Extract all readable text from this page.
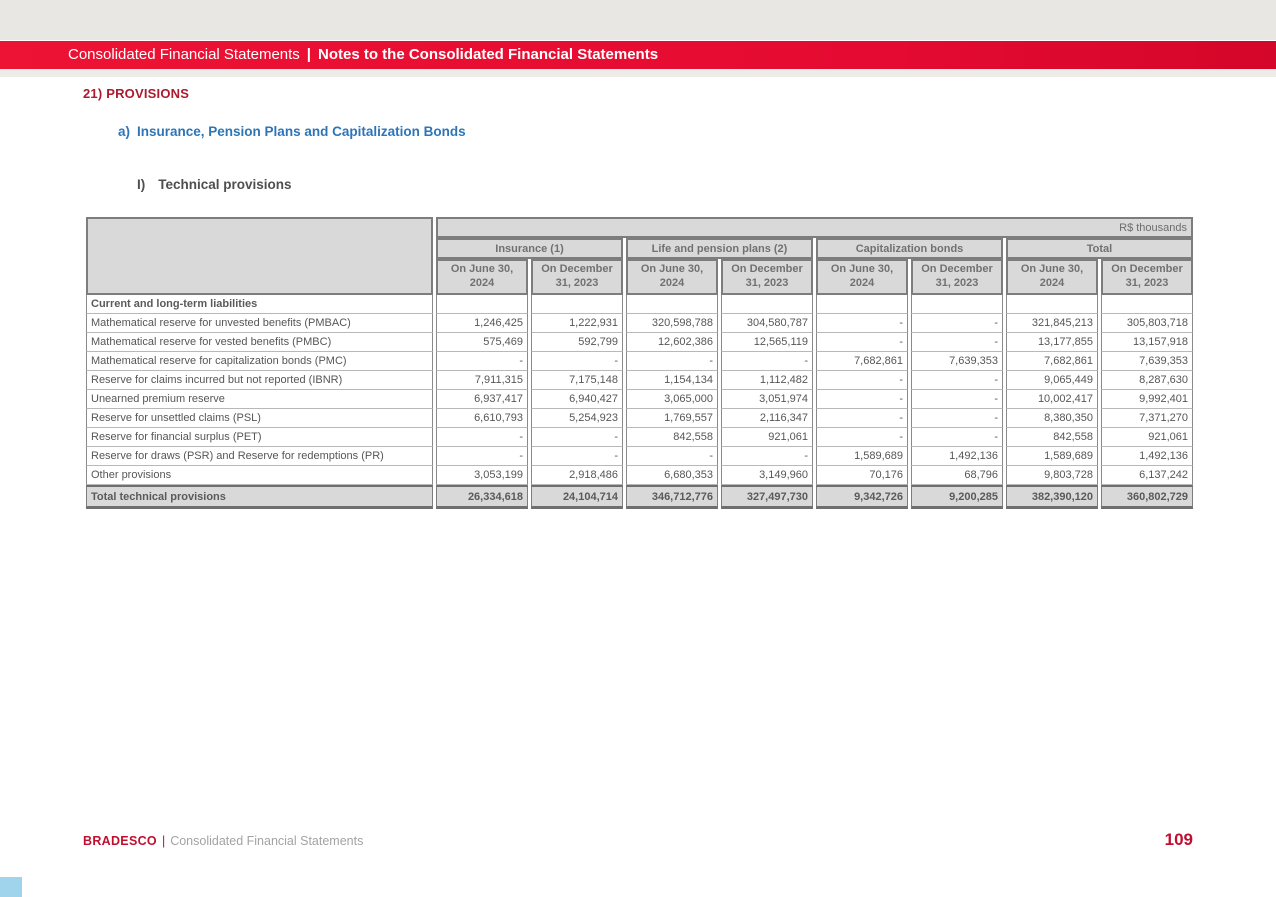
Consolidated Financial Statements | Notes to the Consolidated Financial Statements
21) PROVISIONS
a) Insurance, Pension Plans and Capitalization Bonds
I) Technical provisions
	R$ thousands							
	Insurance (1)		Life and pension plans (2)		Capitalization bonds		Total	
	On June 30, 2024	On December 31, 2023	On June 30, 2024	On December 31, 2023	On June 30, 2024	On December 31, 2023	On June 30, 2024	On December 31, 2023
Current and long-term liabilities								
Mathematical reserve for unvested benefits (PMBAC)	1,246,425	1,222,931	320,598,788	304,580,787	-	-	321,845,213	305,803,718
Mathematical reserve for vested benefits (PMBC)	575,469	592,799	12,602,386	12,565,119	-	-	13,177,855	13,157,918
Mathematical reserve for capitalization bonds (PMC)	-	-	-	-	7,682,861	7,639,353	7,682,861	7,639,353
Reserve for claims incurred but not reported (IBNR)	7,911,315	7,175,148	1,154,134	1,112,482	-	-	9,065,449	8,287,630
Unearned premium reserve	6,937,417	6,940,427	3,065,000	3,051,974	-	-	10,002,417	9,992,401
Reserve for unsettled claims (PSL)	6,610,793	5,254,923	1,769,557	2,116,347	-	-	8,380,350	7,371,270
Reserve for financial surplus (PET)	-	-	842,558	921,061	-	-	842,558	921,061
Reserve for draws (PSR) and Reserve for redemptions (PR)	-	-	-	-	1,589,689	1,492,136	1,589,689	1,492,136
Other provisions	3,053,199	2,918,486	6,680,353	3,149,960	70,176	68,796	9,803,728	6,137,242
Total technical provisions	26,334,618	24,104,714	346,712,776	327,497,730	9,342,726	9,200,285	382,390,120	360,802,729
BRADESCO | Consolidated Financial Statements	109
